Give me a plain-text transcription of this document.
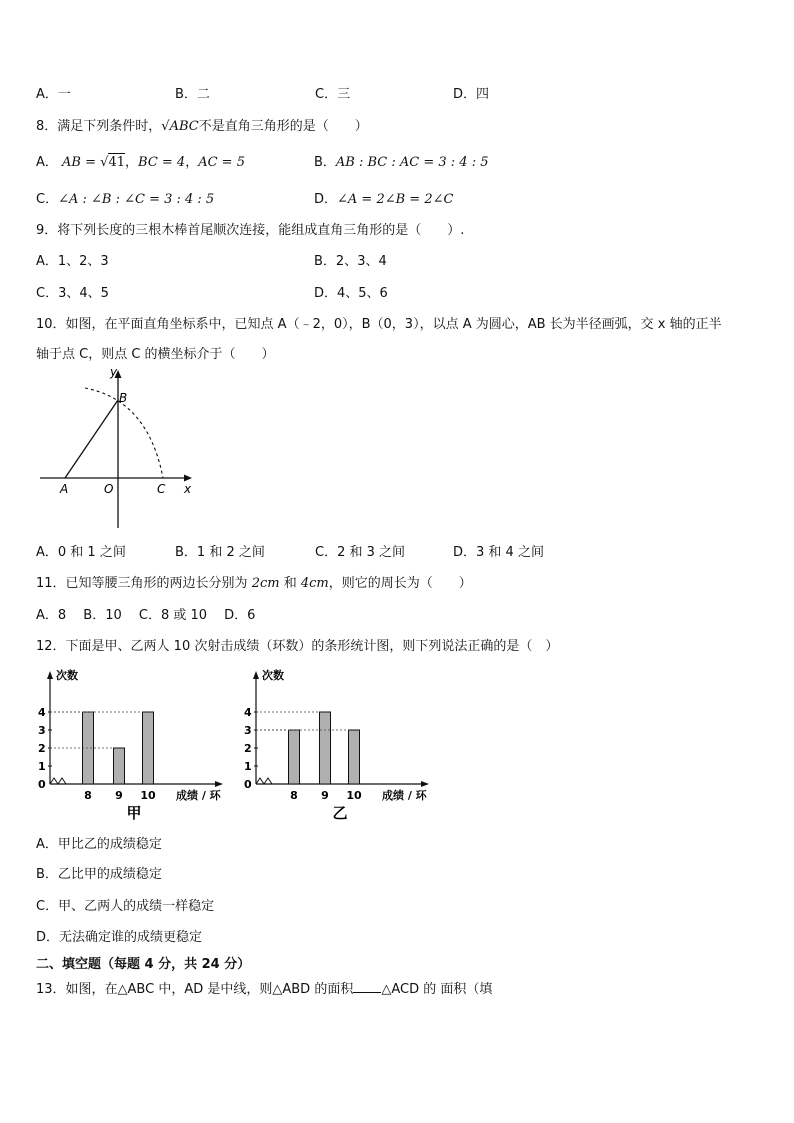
A．一	B．二	C．三	D．四
8．满足下列条件时，√ABC不是直角三角形的是（　　）
A． AB = √41，BC = 4，AC = 5	B．AB : BC : AC = 3 : 4 : 5
C．∠A : ∠B : ∠C = 3 : 4 : 5	D．∠A = 2∠B = 2∠C
9．将下列长度的三根木棒首尾顺次连接，能组成直角三角形的是（　　）.
A．1、2、3	B．2、3、4
C．3、4、5	D．4、5、6
10．如图，在平面直角坐标系中，已知点 A（﹣2，0），B（0，3），以点 A 为圆心，AB 长为半径画弧，交 x 轴的正半
轴于点 C，则点 C 的横坐标介于（　　）
y
x
A	O
B
C
A．0 和 1 之间	B．1 和 2 之间	C．2 和 3 之间	D．3 和 4 之间
11．已知等腰三角形的两边长分别为 2cm 和 4cm，则它的周长为（　　）
A．8　 B．10　 C．8 或 10　 D．6
12．下面是甲、乙两人 10 次射击成绩（环数）的条形统计图，则下列说法正确的是（　）
次数
0
1
2
3
4
8 9 10 成绩 / 环
甲
次数
0
1
2
3
4
8 9 10 成绩 / 环
乙
A．甲比乙的成绩稳定
B．乙比甲的成绩稳定
C．甲、乙两人的成绩一样稳定
D．无法确定谁的成绩更稳定
二、填空题（每题 4 分，共 24 分）
13．如图，在△ABC 中，AD 是中线，则△ABD 的面积 △ACD 的 面积（填
